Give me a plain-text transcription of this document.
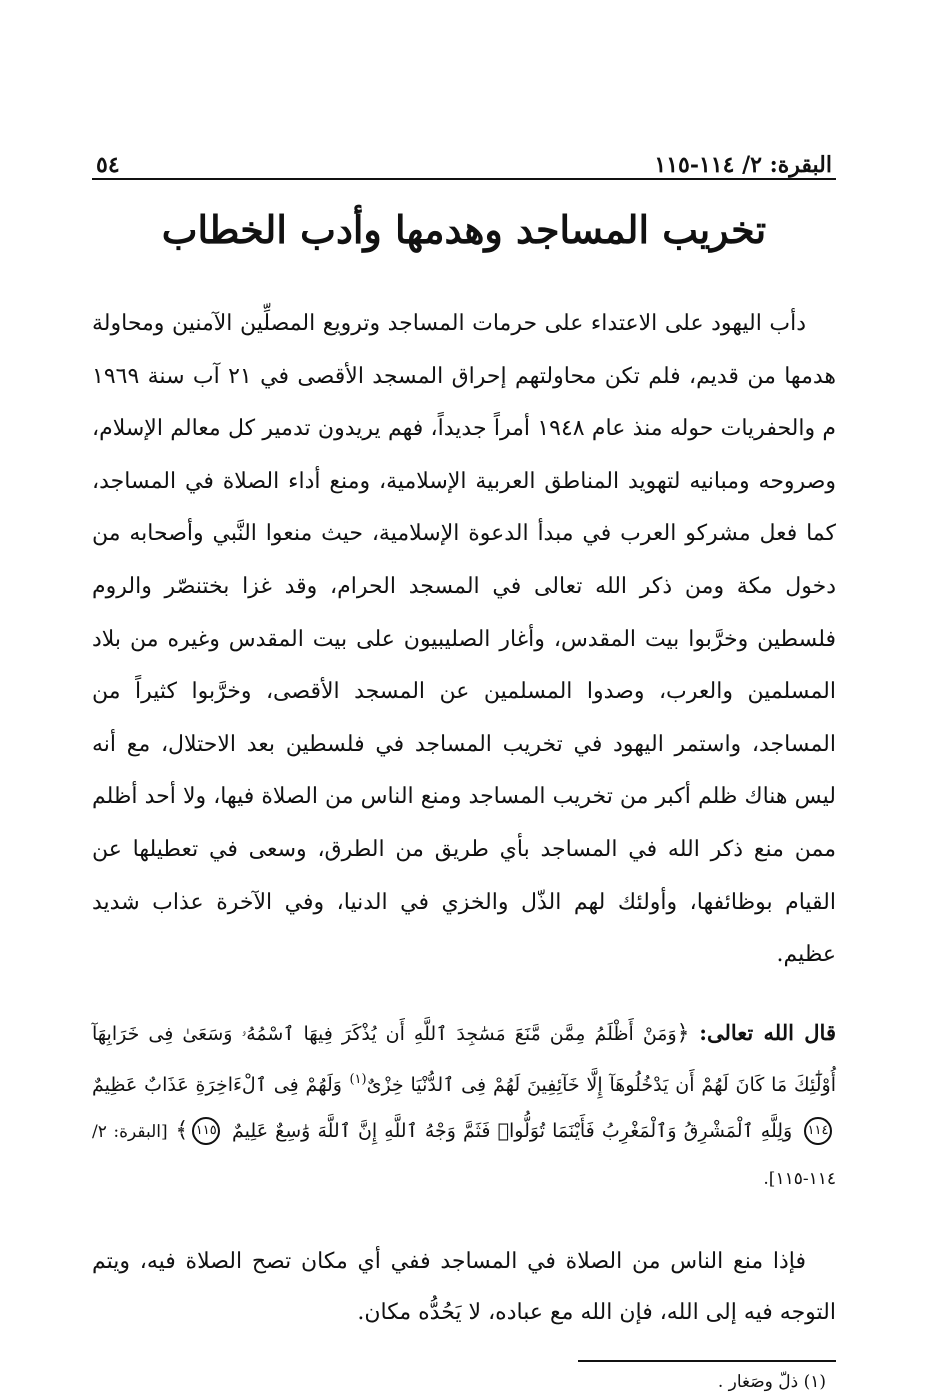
البقرة: ٢/ ١١٤-١١٥
٥٤
تخريب المساجد وهدمها وأدب الخطاب

دأب اليهود على الاعتداء على حرمات المساجد وترويع المصلِّين الآمنين ومحاولة هدمها من قديم، فلم تكن محاولتهم إحراق المسجد الأقصى في ٢١ آب سنة ١٩٦٩ م والحفريات حوله منذ عام ١٩٤٨ أمراً جديداً، فهم يريدون تدمير كل معالم الإسلام، وصروحه ومبانيه لتهويد المناطق العربية الإسلامية، ومنع أداء الصلاة في المساجد، كما فعل مشركو العرب في مبدأ الدعوة الإسلامية، حيث منعوا النَّبي وأصحابه من دخول مكة ومن ذكر الله تعالى في المسجد الحرام، وقد غزا بختنصّر والروم فلسطين وخرَّبوا بيت المقدس، وأغار الصليبيون على بيت المقدس وغيره من بلاد المسلمين والعرب، وصدوا المسلمين عن المسجد الأقصى، وخرَّبوا كثيراً من المساجد، واستمر اليهود في تخريب المساجد في فلسطين بعد الاحتلال، مع أنه ليس هناك ظلم أكبر من تخريب المساجد ومنع الناس من الصلاة فيها، ولا أحد أظلم ممن منع ذكر الله في المساجد بأي طريق من الطرق، وسعى في تعطيلها عن القيام بوظائفها، وأولئك لهم الذّل والخزي في الدنيا، وفي الآخرة عذاب شديد عظيم.

قال الله تعالى: ﴿وَمَنْ أَظْلَمُ مِمَّن مَّنَعَ مَسَٰجِدَ ٱللَّهِ أَن يُذْكَرَ فِيهَا ٱسْمُهُۥ وَسَعَىٰ فِى خَرَابِهَآ أُوْلَٰٓئِكَ مَا كَانَ لَهُمْ أَن يَدْخُلُوهَآ إِلَّا خَآئِفِينَ لَهُمْ فِى ٱلدُّنْيَا خِزْىٌ$^{(١)}$ وَلَهُمْ فِى ٱلْءَاخِرَةِ عَذَابٌ عَظِيمٌ ١١٤ وَلِلَّهِ ٱلْمَشْرِقُ وَٱلْمَغْرِبُ فَأَيْنَمَا تُوَلُّوا۟ فَثَمَّ وَجْهُ ٱللَّهِ إِنَّ ٱللَّهَ وَٰسِعٌ عَلِيمٌ ١١٥﴾ [البقرة: ٢/ ١١٤-١١٥].

فإذا منع الناس من الصلاة في المساجد ففي أي مكان تصح الصلاة فيه، ويتم التوجه فيه إلى الله، فإن الله مع عباده، لا يَحُدُّه مكان.

(١) ذلّ وصَغار .
